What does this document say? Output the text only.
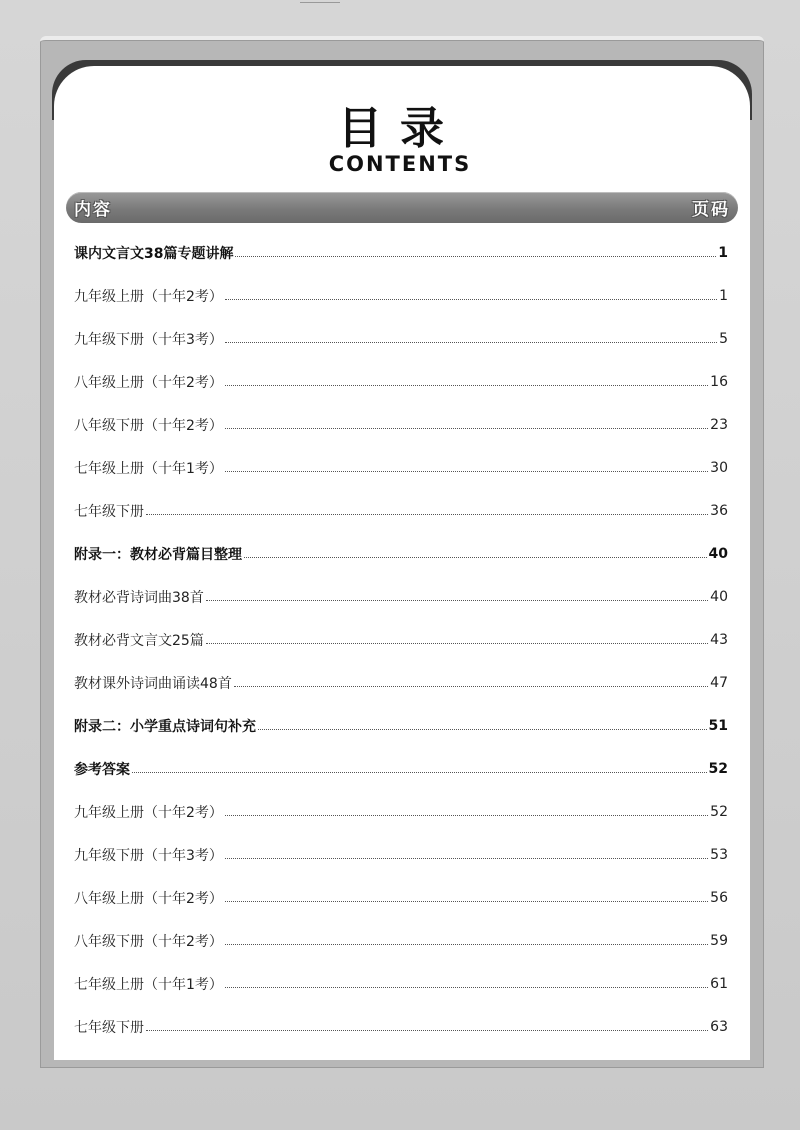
目录
CONTENTS
内容	页码
课内文言文38篇专题讲解	1
九年级上册（十年2考）	1
九年级下册（十年3考）	5
八年级上册（十年2考）	16
八年级下册（十年2考）	23
七年级上册（十年1考）	30
七年级下册	36
附录一：教材必背篇目整理	40
教材必背诗词曲38首	40
教材必背文言文25篇	43
教材课外诗词曲诵读48首	47
附录二：小学重点诗词句补充	51
参考答案	52
九年级上册（十年2考）	52
九年级下册（十年3考）	53
八年级上册（十年2考）	56
八年级下册（十年2考）	59
七年级上册（十年1考）	61
七年级下册	63
